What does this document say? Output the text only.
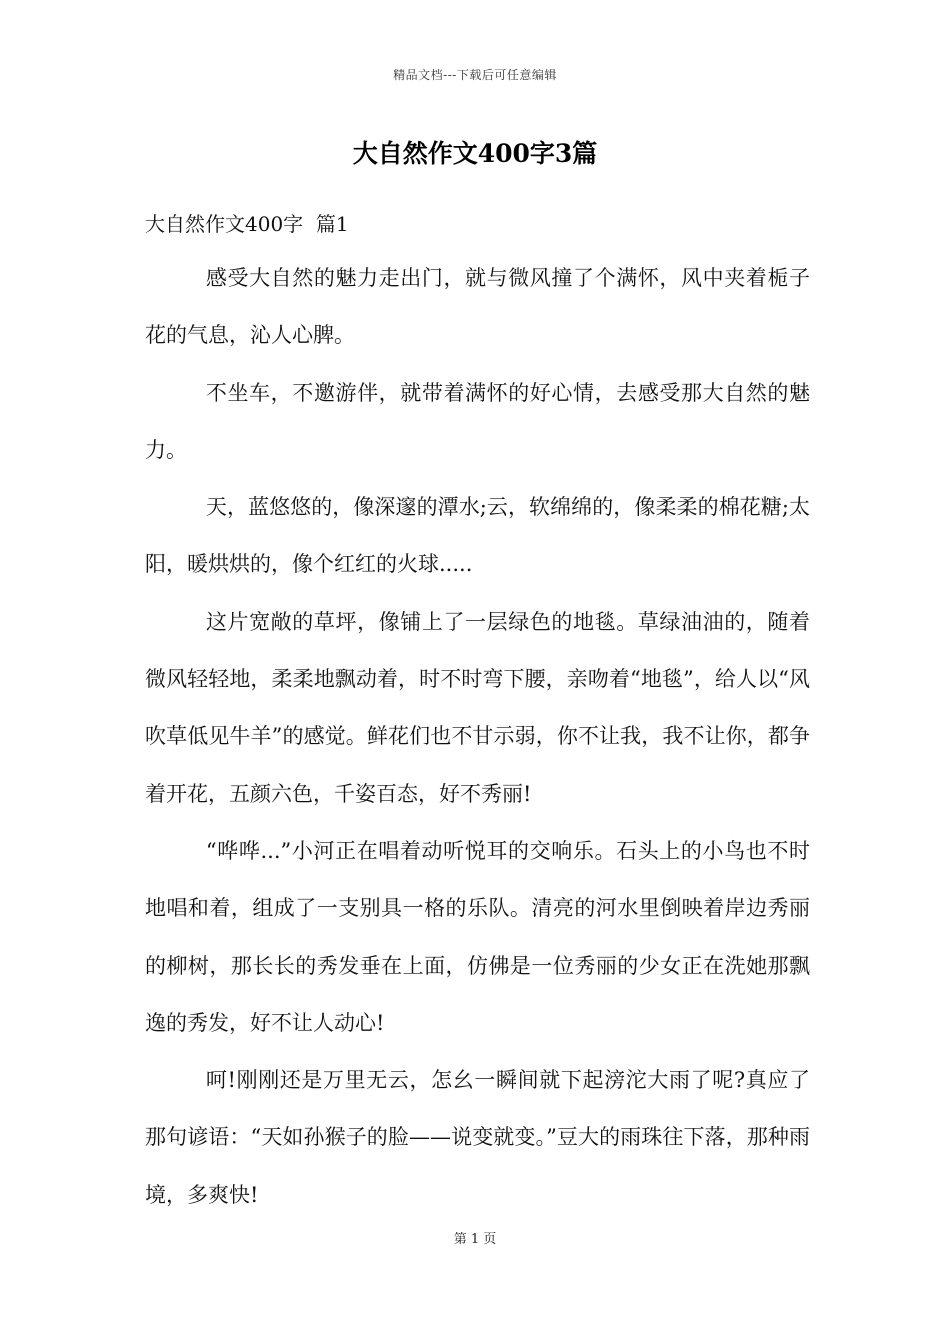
精品文档---下载后可任意编辑
大自然作文400字3篇
大自然作文400字  篇1

感受大自然的魅力走出门，就与微风撞了个满怀，风中夹着栀子花的气息，沁人心脾。

不坐车，不邀游伴，就带着满怀的好心情，去感受那大自然的魅力。

天，蓝悠悠的，像深邃的潭水;云，软绵绵的，像柔柔的棉花糖;太阳，暖烘烘的，像个红红的火球.....

这片宽敞的草坪，像铺上了一层绿色的地毯。草绿油油的，随着微风轻轻地，柔柔地飘动着，时不时弯下腰，亲吻着“地毯”，给人以“风吹草低见牛羊”的感觉。鲜花们也不甘示弱，你不让我，我不让你，都争着开花，五颜六色，千姿百态，好不秀丽!

“哗哗...”小河正在唱着动听悦耳的交响乐。石头上的小鸟也不时地唱和着，组成了一支别具一格的乐队。清亮的河水里倒映着岸边秀丽的柳树，那长长的秀发垂在上面，仿佛是一位秀丽的少女正在洗她那飘逸的秀发，好不让人动心!

呵!刚刚还是万里无云，怎幺一瞬间就下起滂沱大雨了呢?真应了那句谚语：“天如孙猴子的脸——说变就变。”豆大的雨珠往下落，那种雨境，多爽快!

第 1 页
